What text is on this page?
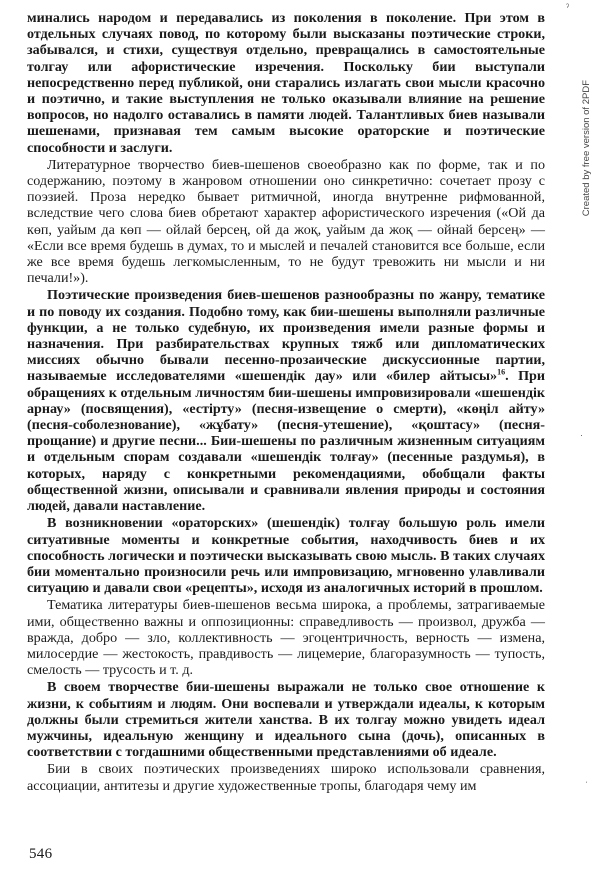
минались народом и передавались из поколения в поколение. При этом в отдельных случаях повод, по которому были высказаны поэтические строки, забывался, и стихи, существуя отдельно, превращались в самостоятельные толгау или афористические изречения. Поскольку бии выступали непосредственно перед публикой, они старались излагать свои мысли красочно и поэтично, и такие выступления не только оказывали влияние на решение вопросов, но надолго оставались в памяти людей. Талантливых биев называли шешенами, признавая тем самым высокие ораторские и поэтические способности и заслуги.

Литературное творчество биев-шешенов своеобразно как по форме, так и по содержанию, поэтому в жанровом отношении оно синкретично: сочетает прозу с поэзией. Проза нередко бывает ритмичной, иногда внутренне рифмованной, вследствие чего слова биев обретают характер афористического изречения («Ой да көп, уайым да көп — ойлай берсең, ой да жоқ, уайым да жоқ — ойнай берсең» — «Если все время будешь в думах, то и мыслей и печалей становится все больше, если же все время будешь легкомысленным, то не будут тревожить ни мысли и ни печали!»).

Поэтические произведения биев-шешенов разнообразны по жанру, тематике и по поводу их создания. Подобно тому, как бии-шешены выполняли различные функции, а не только судебную, их произведения имели разные формы и назначения. При разбирательствах крупных тяжб или дипломатических миссиях обычно бывали песенно-прозаические дискуссионные партии, называемые исследователями «шешендік дау» или «билер айтысы»$^{16}$. При обращениях к отдельным личностям бии-шешены импровизировали «шешендік арнау» (посвящения), «естірту» (песня-извещение о смерти), «көңіл айту» (песня-соболезнование), «жұбату» (песня-утешение), «қоштасу» (песня-прощание) и другие песни... Бии-шешены по различным жизненным ситуациям и отдельным спорам создавали «шешендік толғау» (песенные раздумья), в которых, наряду с конкретными рекомендациями, обобщали факты общественной жизни, описывали и сравнивали явления природы и состояния людей, давали наставление.

В возникновении «ораторских» (шешендік) толғау большую роль имели ситуативные моменты и конкретные события, находчивость биев и их способность логически и поэтически высказывать свою мысль. В таких случаях бии моментально произносили речь или импровизацию, мгновенно улавливали ситуацию и давали свои «рецепты», исходя из аналогичных историй в прошлом.

Тематика литературы биев-шешенов весьма широка, а проблемы, затрагиваемые ими, общественно важны и оппозиционны: справедливость — произвол, дружба — вражда, добро — зло, коллективность — эгоцентричность, верность — измена, милосердие — жестокость, правдивость — лицемерие, благоразумность — тупость, смелость — трусость и т. д.

В своем творчестве бии-шешены выражали не только свое отношение к жизни, к событиям и людям. Они воспевали и утверждали идеалы, к которым должны были стремиться жители ханства. В их толгау можно увидеть идеал мужчины, идеальную женщину и идеального сына (дочь), описанных в соответствии с тогдашними общественными представлениями об идеале.

Бии в своих поэтических произведениях широко использовали сравнения, ассоциации, антитезы и другие художественные тропы, благодаря чему им

546
Created by free version of 2PDF
ˀ
·
ˈ
